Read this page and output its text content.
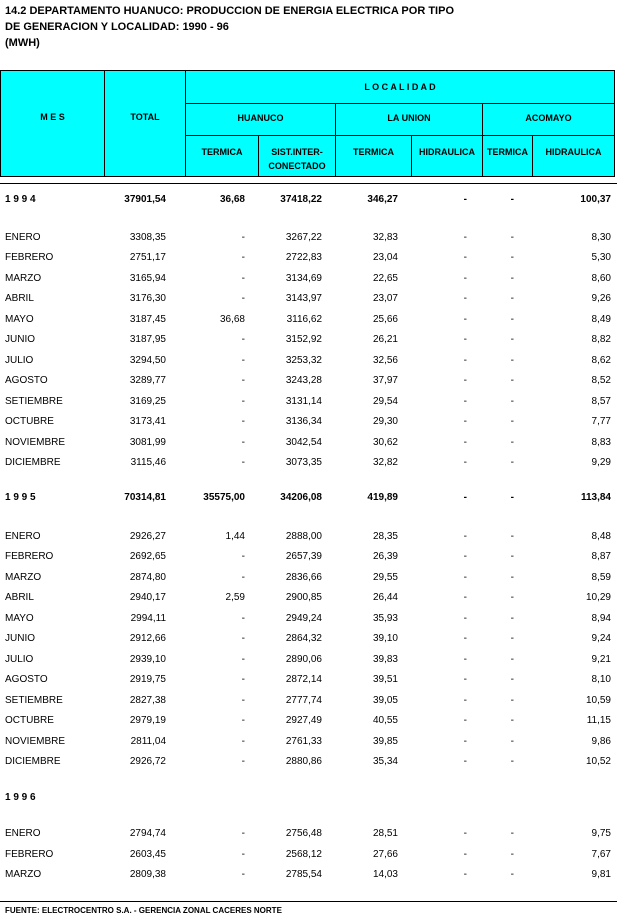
14.2 DEPARTAMENTO HUANUCO: PRODUCCION DE ENERGIA ELECTRICA POR TIPO
DE GENERACION Y LOCALIDAD: 1990 - 96
(MWH)
M E S	TOTAL
L O C A L I D A D
HUANUCO	LA UNION	ACOMAYO
TERMICA	SIST.INTER-
CONECTADO
TERMICA	HIDRAULICA	TERMICA	HIDRAULICA
1 9 9 4	37901,54	36,68	37418,22	346,27	-	-	100,37
ENERO	3308,35	-	3267,22	32,83	-	-	8,30
FEBRERO	2751,17	-	2722,83	23,04	-	-	5,30
MARZO	3165,94	-	3134,69	22,65	-	-	8,60
ABRIL	3176,30	-	3143,97	23,07	-	-	9,26
MAYO	3187,45	36,68	3116,62	25,66	-	-	8,49
JUNIO	3187,95	-	3152,92	26,21	-	-	8,82
JULIO	3294,50	-	3253,32	32,56	-	-	8,62
AGOSTO	3289,77	-	3243,28	37,97	-	-	8,52
SETIEMBRE	3169,25	-	3131,14	29,54	-	-	8,57
OCTUBRE	3173,41	-	3136,34	29,30	-	-	7,77
NOVIEMBRE	3081,99	-	3042,54	30,62	-	-	8,83
DICIEMBRE	3115,46	-	3073,35	32,82	-	-	9,29
1 9 9 5	70314,81	35575,00	34206,08	419,89	-	-	113,84
ENERO	2926,27	1,44	2888,00	28,35	-	-	8,48
FEBRERO	2692,65	-	2657,39	26,39	-	-	8,87
MARZO	2874,80	-	2836,66	29,55	-	-	8,59
ABRIL	2940,17	2,59	2900,85	26,44	-	-	10,29
MAYO	2994,11	-	2949,24	35,93	-	-	8,94
JUNIO	2912,66	-	2864,32	39,10	-	-	9,24
JULIO	2939,10	-	2890,06	39,83	-	-	9,21
AGOSTO	2919,75	-	2872,14	39,51	-	-	8,10
SETIEMBRE	2827,38	-	2777,74	39,05	-	-	10,59
OCTUBRE	2979,19	-	2927,49	40,55	-	-	11,15
NOVIEMBRE	2811,04	-	2761,33	39,85	-	-	9,86
DICIEMBRE	2926,72	-	2880,86	35,34	-	-	10,52
1 9 9 6
ENERO	2794,74	-	2756,48	28,51	-	-	9,75
FEBRERO	2603,45	-	2568,12	27,66	-	-	7,67
MARZO	2809,38	-	2785,54	14,03	-	-	9,81
FUENTE: ELECTROCENTRO S.A. - GERENCIA ZONAL CACERES NORTE
